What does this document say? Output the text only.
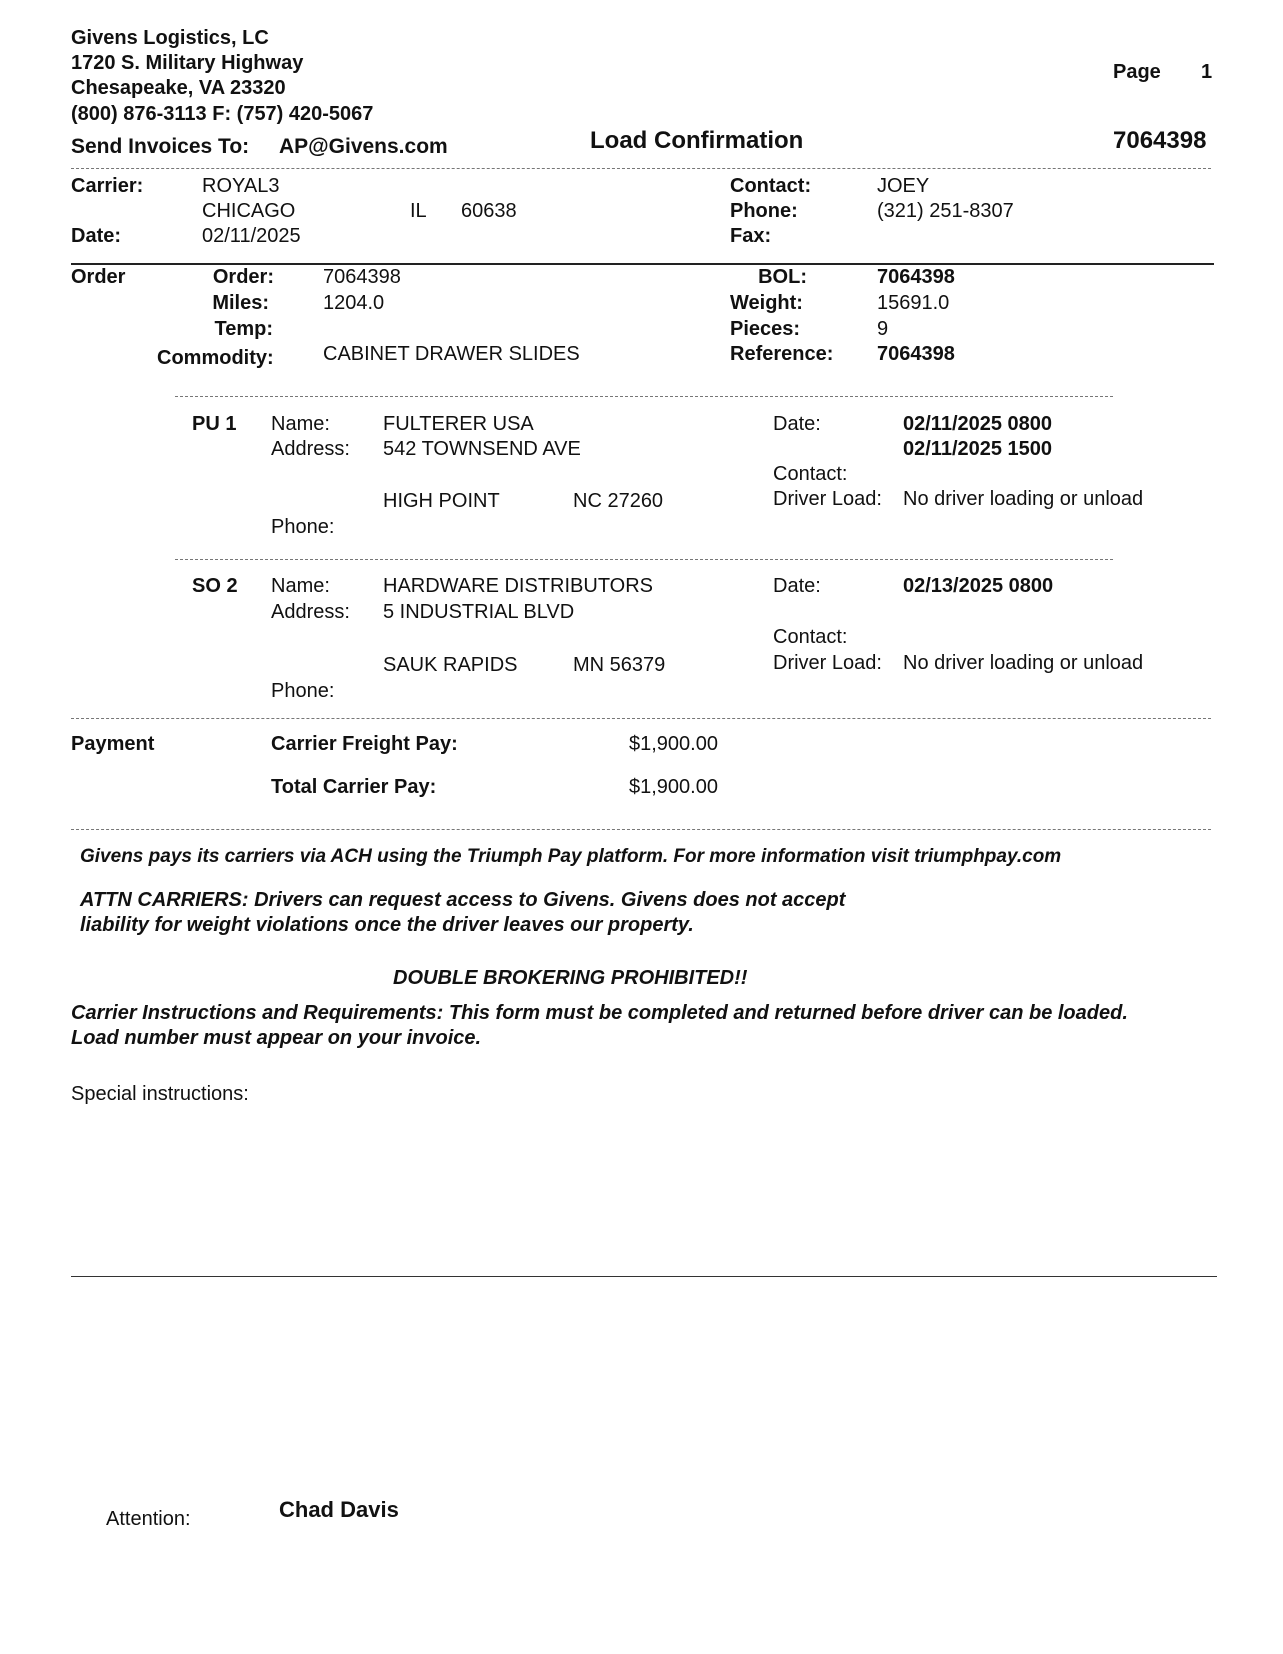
Givens Logistics, LC
1720 S. Military Highway
Chesapeake, VA 23320
(800) 876-3113 F: (757) 420-5067
Send Invoices To: AP@Givens.com
Page 1
Load Confirmation	7064398
Carrier:	ROYAL3
CHICAGO	IL 60638
Date:	02/11/2025
Contact:	JOEY
Phone:	(321) 251-8307
Fax:
Order	Order: 7064398
Miles:	1204.0
Temp:
Commodity: CABINET DRAWER SLIDES
BOL:	7064398
Weight:	15691.0
Pieces:	9
Reference: 7064398
PU 1 Name:	FULTERER USA
Address: 542 TOWNSEND AVE
HIGH POINT	NC 27260
Phone:
Date:	02/11/2025 0800
02/11/2025 1500
Contact:
Driver Load: No driver loading or unload
SO 2 Name:	HARDWARE DISTRIBUTORS
Address: 5 INDUSTRIAL BLVD
SAUK RAPIDS	MN 56379
Phone:
Date:	02/13/2025 0800
Contact:
Driver Load: No driver loading or unload
Payment	Carrier Freight Pay:	$1,900.00
Total Carrier Pay:	$1,900.00
Givens pays its carriers via ACH using the Triumph Pay platform. For more information visit triumphpay.com
ATTN CARRIERS: Drivers can request access to Givens. Givens does not accept
liability for weight violations once the driver leaves our property.
DOUBLE BROKERING PROHIBITED!!
Carrier Instructions and Requirements: This form must be completed and returned before driver can be loaded.
Load number must appear on your invoice.
Special instructions:
Attention:	Chad Davis
